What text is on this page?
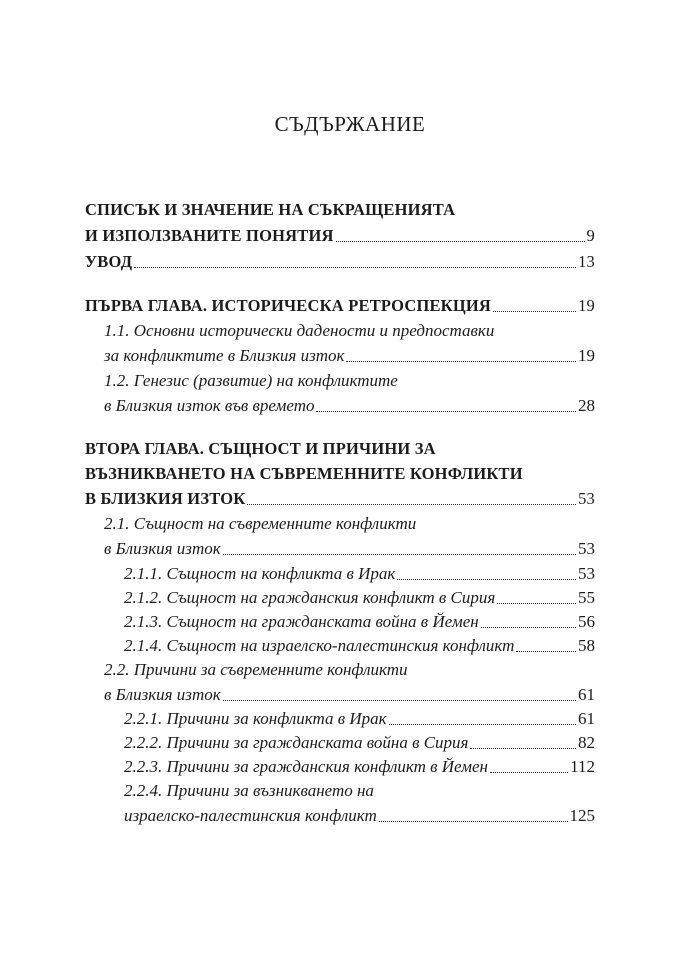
СЪДЪРЖАНИЕ
СПИСЪК И ЗНАЧЕНИЕ НА СЪКРАЩЕНИЯТА
И ИЗПОЛЗВАНИТЕ ПОНЯТИЯ	9
УВОД	13
ПЪРВА ГЛАВА. ИСТОРИЧЕСКА РЕТРОСПЕКЦИЯ	19
1.1. Основни исторически дадености и предпоставки
за конфликтите в Близкия изток	19
1.2. Генезис (развитие) на конфликтите
в Близкия изток във времето	28
ВТОРА ГЛАВА. СЪЩНОСТ И ПРИЧИНИ ЗА
ВЪЗНИКВАНЕТО НА СЪВРЕМЕННИТЕ КОНФЛИКТИ
В БЛИЗКИЯ ИЗТОК	53
2.1. Същност на съвременните конфликти
в Близкия изток	53
2.1.1. Същност на конфликта в Ирак	53
2.1.2. Същност на гражданския конфликт в Сирия	55
2.1.3. Същност на гражданската война в Йемен	56
2.1.4. Същност на израелско-палестинския конфликт	58
2.2. Причини за съвременните конфликти
в Близкия изток	61
2.2.1. Причини за конфликта в Ирак	61
2.2.2. Причини за гражданската война в Сирия	82
2.2.3. Причини за гражданския конфликт в Йемен	112
2.2.4. Причини за възникването на
израелско-палестинския конфликт	125
